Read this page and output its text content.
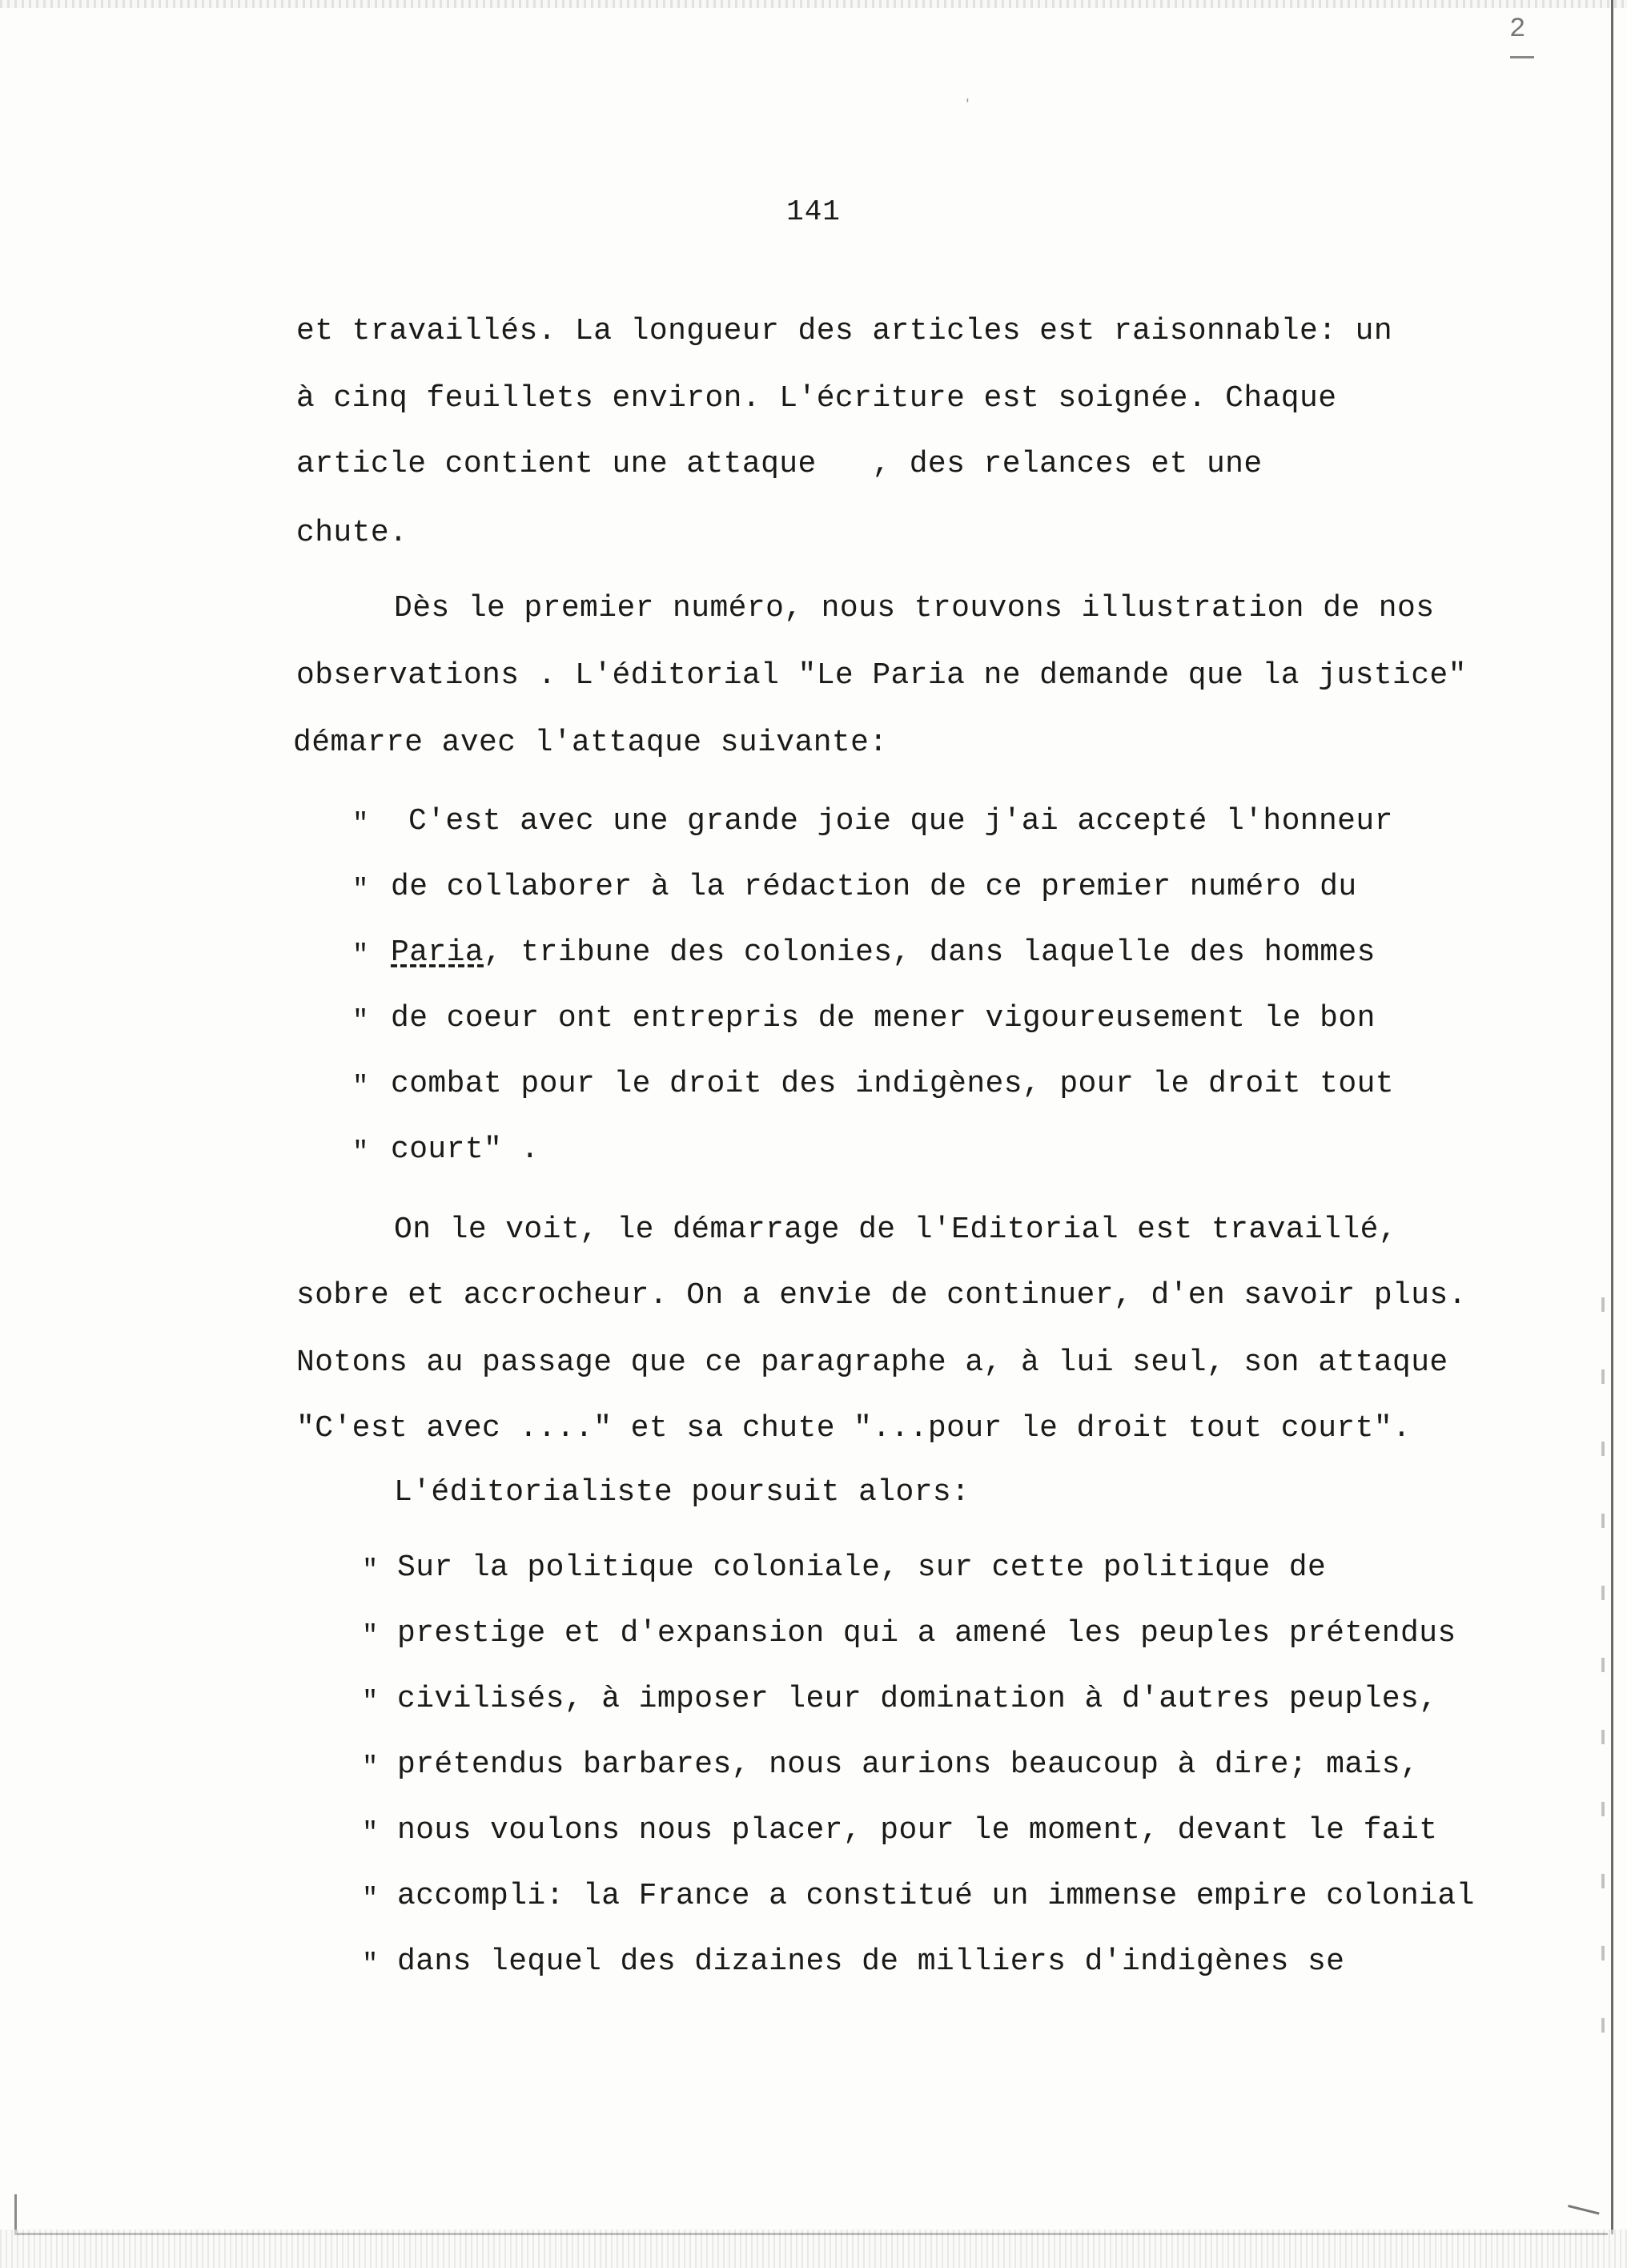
ˌ
2
141
et travaillés. La longueur des articles est raisonnable: un
à cinq feuillets environ. L'écriture est soignée. Chaque
article contient une attaque   , des relances et une
chute.
Dès le premier numéro, nous trouvons illustration de nos
observations . L'éditorial "Le Paria ne demande que la justice"
démarre avec l'attaque suivante:
" C'est avec une grande joie que j'ai accepté l'honneur
" de collaborer à la rédaction de ce premier numéro du
" Paria, tribune des colonies, dans laquelle des hommes
" de coeur ont entrepris de mener vigoureusement le bon
" combat pour le droit des indigènes, pour le droit tout
" court" .
On le voit, le démarrage de l'Editorial est travaillé,
sobre et accrocheur. On a envie de continuer, d'en savoir plus.
Notons au passage que ce paragraphe a, à lui seul, son attaque
"C'est avec ...." et sa chute "...pour le droit tout court".
L'éditorialiste poursuit alors:
" Sur la politique coloniale, sur cette politique de
" prestige et d'expansion qui a amené les peuples prétendus
" civilisés, à imposer leur domination à d'autres peuples,
" prétendus barbares, nous aurions beaucoup à dire; mais,
" nous voulons nous placer, pour le moment, devant le fait
" accompli: la France a constitué un immense empire colonial
" dans lequel des dizaines de milliers d'indigènes se
